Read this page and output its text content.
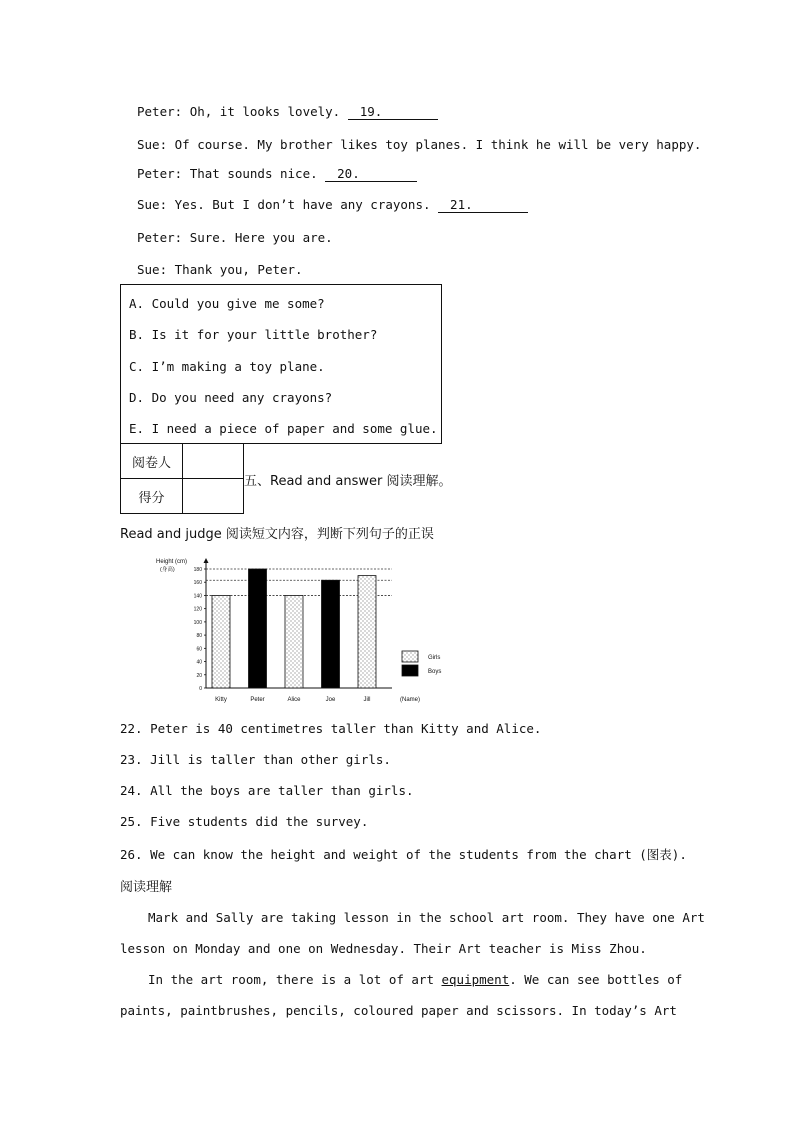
Peter: Oh, it looks lovely. 19.
Sue: Of course. My brother likes toy planes. I think he will be very happy.
Peter: That sounds nice. 20.
Sue: Yes. But I don’t have any crayons. 21.
Peter: Sure. Here you are.
Sue: Thank you, Peter.
A. Could you give me some?
B. Is it for your little brother?
C. I’m making a toy plane.
D. Do you need any crayons?
E. I need a piece of paper and some glue.
阅卷人	
得分	
五、Read and answer 阅读理解。
Read and judge 阅读短文内容，判断下列句子的正误
0
20
40
60
80
100
120
140
160
180
Height (cm)
(身高)
Kitty	Peter	Alice	Joe	Jill	(Name)
Girls
Boys
22. Peter is 40 centimetres taller than Kitty and Alice.
23. Jill is taller than other girls.
24. All the boys are taller than girls.
25. Five students did the survey.
26. We can know the height and weight of the students from the chart (图表).
阅读理解
Mark and Sally are taking lesson in the school art room. They have one Art
lesson on Monday and one on Wednesday. Their Art teacher is Miss Zhou.
In the art room, there is a lot of art equipment. We can see bottles of
paints, paintbrushes, pencils, coloured paper and scissors. In today’s Art
